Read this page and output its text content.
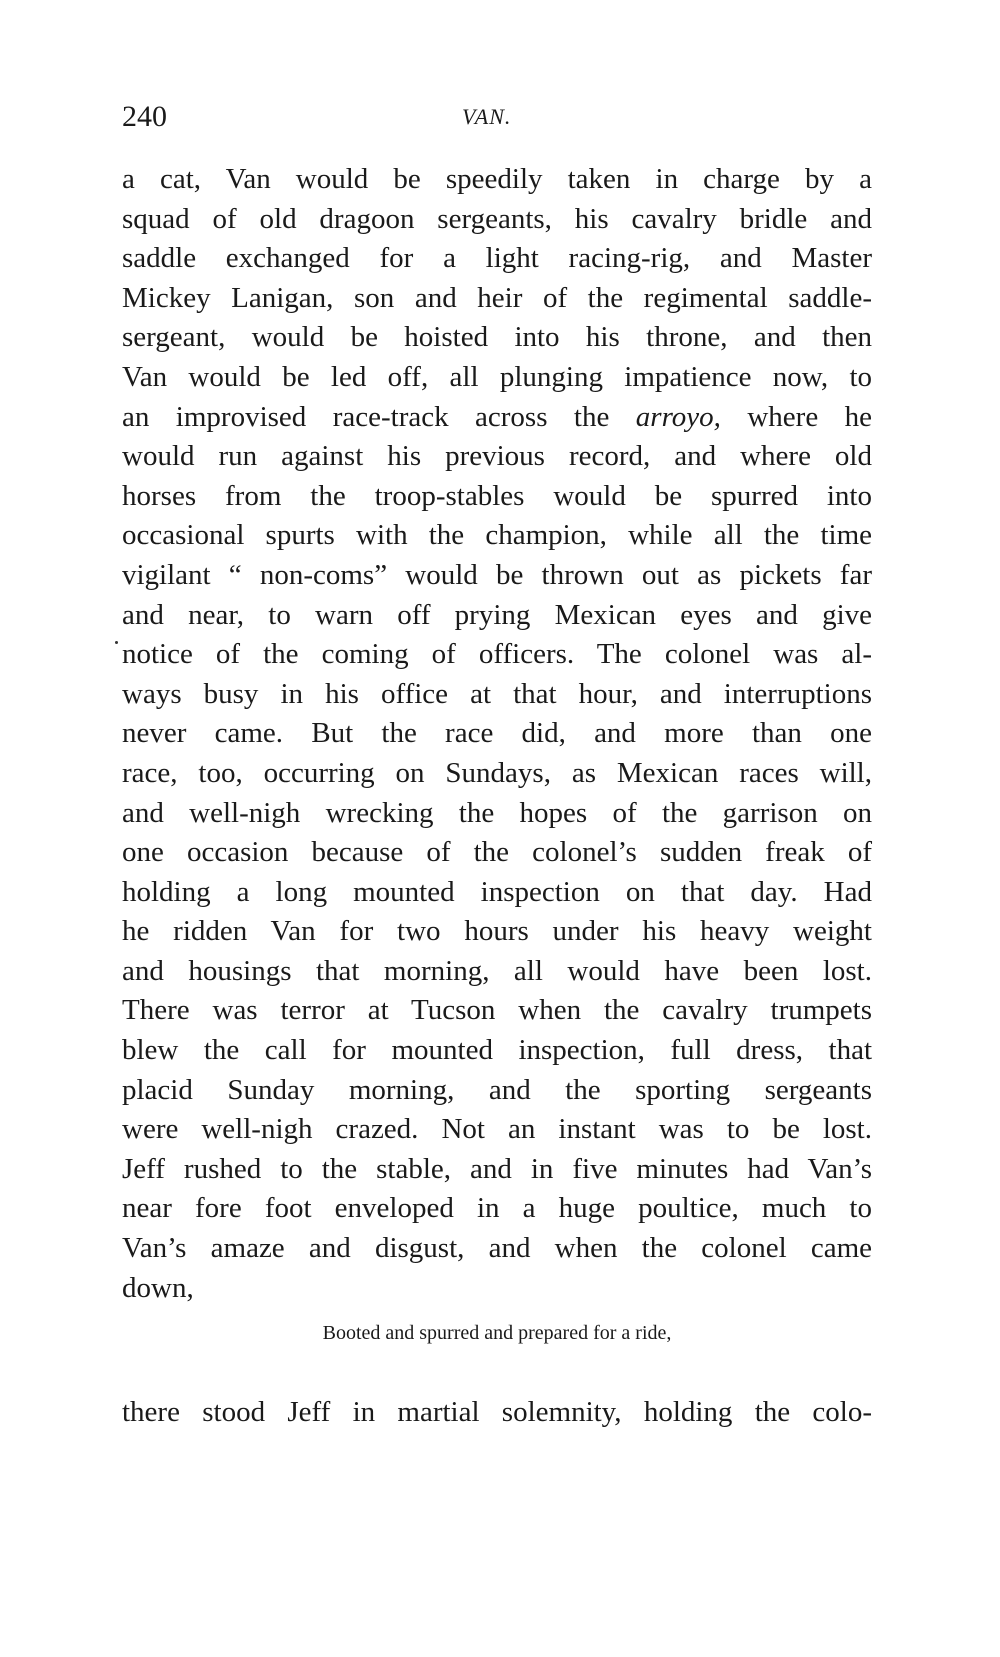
240	VAN.
a cat, Van would be speedily taken in charge by a
squad of old dragoon sergeants, his cavalry bridle and
saddle exchanged for a light racing-rig, and Master
Mickey Lanigan, son and heir of the regimental saddle-
sergeant, would be hoisted into his throne, and then
Van would be led off, all plunging impatience now, to
an improvised race-track across the arroyo, where he
would run against his previous record, and where old
horses from the troop-stables would be spurred into
occasional spurts with the champion, while all the time
vigilant “ non-coms” would be thrown out as pickets far
and near, to warn off prying Mexican eyes and give
notice of the coming of officers. The colonel was al-
ways busy in his office at that hour, and interruptions
never came. But the race did, and more than one
race, too, occurring on Sundays, as Mexican races will,
and well-nigh wrecking the hopes of the garrison on
one occasion because of the colonel’s sudden freak of
holding a long mounted inspection on that day. Had
he ridden Van for two hours under his heavy weight
and housings that morning, all would have been lost.
There was terror at Tucson when the cavalry trumpets
blew the call for mounted inspection, full dress, that
placid Sunday morning, and the sporting sergeants
were well-nigh crazed. Not an instant was to be lost.
Jeff rushed to the stable, and in five minutes had Van’s
near fore foot enveloped in a huge poultice, much to
Van’s amaze and disgust, and when the colonel came
down,
Booted and spurred and prepared for a ride,
there stood Jeff in martial solemnity, holding the colo-
